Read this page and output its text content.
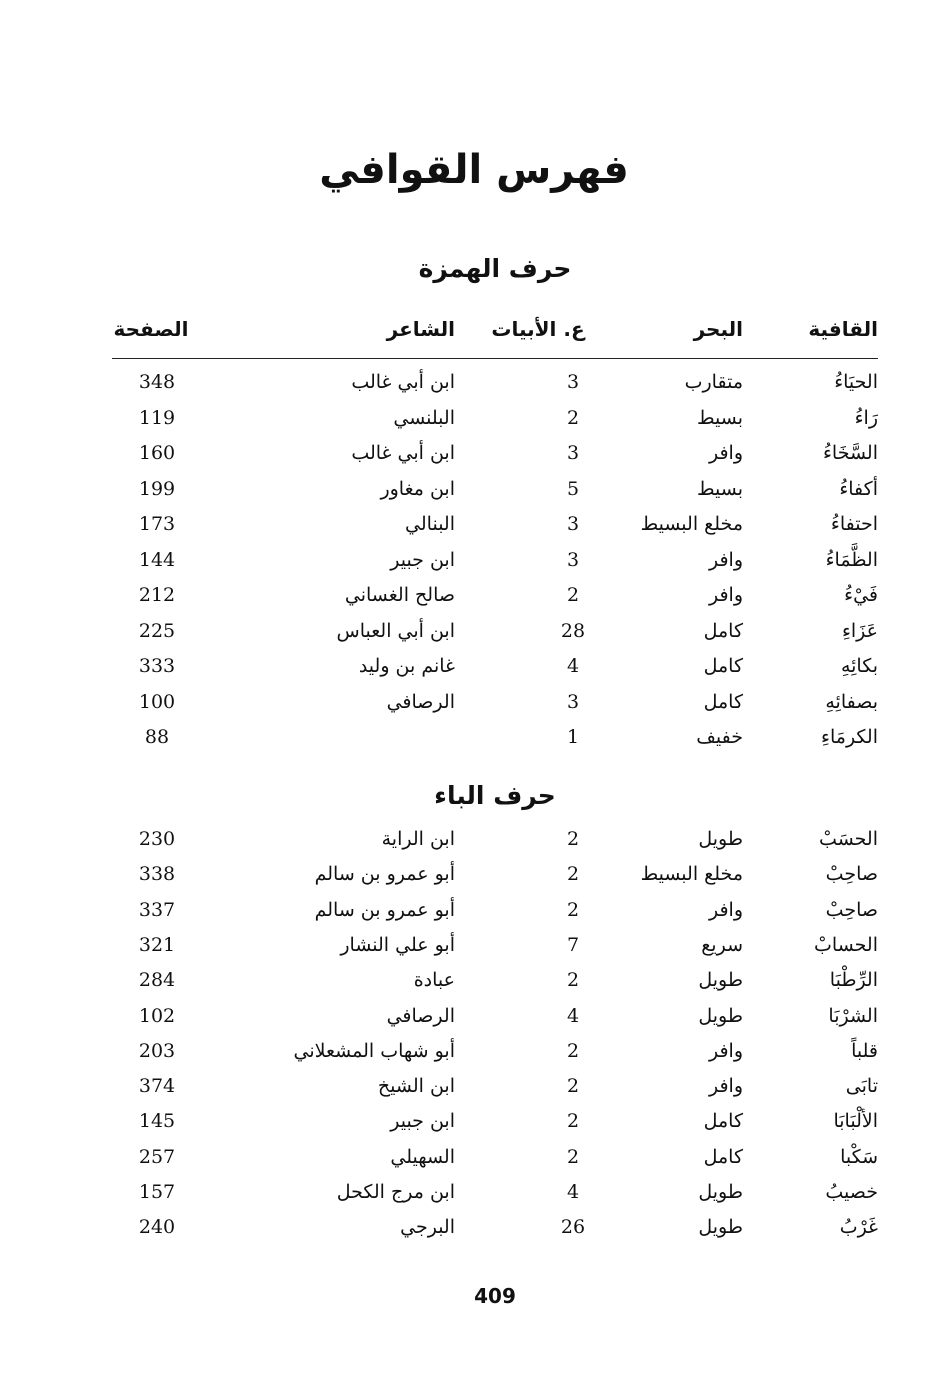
فهرس القوافي
حرف الهمزة
القافية
البحر
ع. الأبيات
الشاعر
الصفحة
الحيَاءُ
متقارب
3
ابن أبي غالب
348
رَاءُ
بسيط
2
البلنسي
119
السَّخَاءُ
وافر
3
ابن أبي غالب
160
أكفاءُ
بسيط
5
ابن مغاور
199
احتفاءُ
مخلع البسيط
3
البنالي
173
الظَّمَاءُ
وافر
3
ابن جبير
144
فَيْءُ
وافر
2
صالح الغساني
212
عَزَاءِ
كامل
28
ابن أبي العباس
225
بكائِهِ
كامل
4
غانم بن وليد
333
بصفائِهِ
كامل
3
الرصافي
100
الكرمَاءِ
خفيف
1
88
حرف الباء
الحسَبْ
طويل
2
ابن الراية
230
صاحِبْ
مخلع البسيط
2
أبو عمرو بن سالم
338
صاحِبْ
وافر
2
أبو عمرو بن سالم
337
الحسابْ
سريع
7
أبو علي النشار
321
الرِّطْبَا
طويل
2
عبادة
284
الشرْبَا
طويل
4
الرصافي
102
قلباً
وافر
2
أبو شهاب المشعلاني
203
تابَى
وافر
2
ابن الشيخ
374
الألْبَابَا
كامل
2
ابن جبير
145
سَكْبا
كامل
2
السهيلي
257
خصيبُ
طويل
4
ابن مرج الكحل
157
غَرْبُ
طويل
26
البرجي
240
409
